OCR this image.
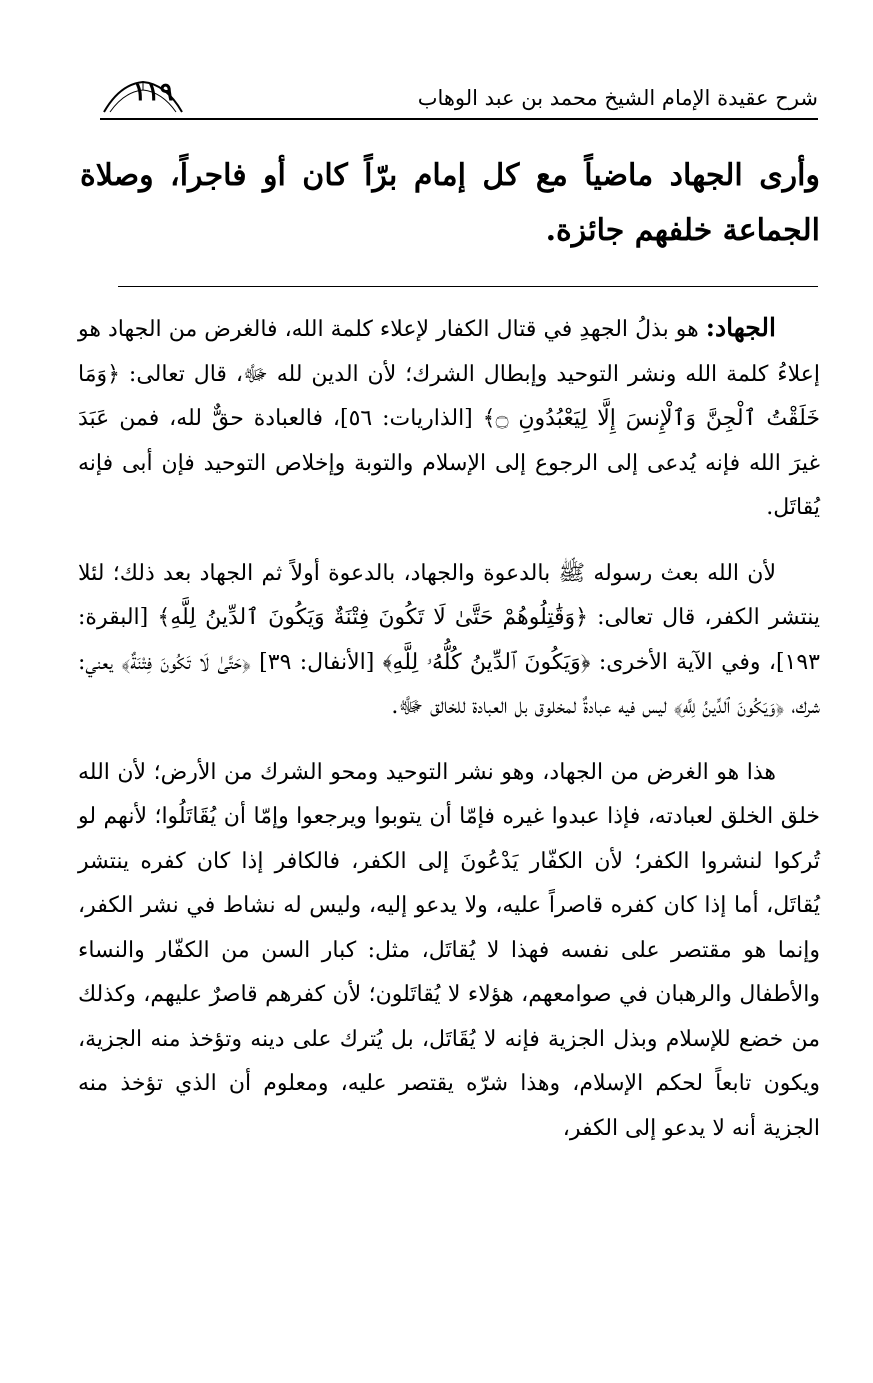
شرح عقيدة الإمام الشيخ محمد بن عبد الوهاب
١١٩
وأرى الجهاد ماضياً مع كل إمام برّاً كان أو فاجراً، وصلاة الجماعة خلفهم جائزة.

الجهاد: هو بذلُ الجهدِ في قتال الكفار لإعلاء كلمة الله، فالغرض من الجهاد هو إعلاءُ كلمة الله ونشر التوحيد وإبطال الشرك؛ لأن الدين لله ﷻ، قال تعالى: ﴿وَمَا خَلَقْتُ ٱلْجِنَّ وَٱلْإِنسَ إِلَّا لِيَعْبُدُونِ ۝﴾ [الذاريات: ٥٦]، فالعبادة حقٌّ لله، فمن عَبَدَ غيرَ الله فإنه يُدعى إلى الرجوع إلى الإسلام والتوبة وإخلاص التوحيد فإن أبى فإنه يُقاتَل.

لأن الله بعث رسوله ﷺ بالدعوة والجهاد، بالدعوة أولاً ثم الجهاد بعد ذلك؛ لئلا ينتشر الكفر، قال تعالى: ﴿وَقَٰتِلُوهُمْ حَتَّىٰ لَا تَكُونَ فِتْنَةٌ وَيَكُونَ ٱلدِّينُ لِلَّهِ﴾ [البقرة: ١٩٣]، وفي الآية الأخرى: ﴿وَيَكُونَ ٱلدِّينُ كُلُّهُۥ لِلَّهِ﴾ [الأنفال: ٣٩] ﴿حَتَّىٰ لَا تَكُونَ فِتْنَةٌ﴾ يعني: شرك، ﴿وَيَكُونَ ٱلدِّينُ لِلَّهِ﴾ ليس فيه عبادةٌ لمخلوق بل العبادة للخالق ﷻ.

هذا هو الغرض من الجهاد، وهو نشر التوحيد ومحو الشرك من الأرض؛ لأن الله خلق الخلق لعبادته، فإذا عبدوا غيره فإمّا أن يتوبوا ويرجعوا وإمّا أن يُقَاتَلُوا؛ لأنهم لو تُركوا لنشروا الكفر؛ لأن الكفّار يَدْعُونَ إلى الكفر، فالكافر إذا كان كفره ينتشر يُقاتَل، أما إذا كان كفره قاصراً عليه، ولا يدعو إليه، وليس له نشاط في نشر الكفر، وإنما هو مقتصر على نفسه فهذا لا يُقاتَل، مثل: كبار السن من الكفّار والنساء والأطفال والرهبان في صوامعهم، هؤلاء لا يُقاتَلون؛ لأن كفرهم قاصرٌ عليهم، وكذلك من خضع للإسلام وبذل الجزية فإنه لا يُقَاتَل، بل يُترك على دينه وتؤخذ منه الجزية، ويكون تابعاً لحكم الإسلام، وهذا شرّه يقتصر عليه، ومعلوم أن الذي تؤخذ منه الجزية أنه لا يدعو إلى الكفر،
